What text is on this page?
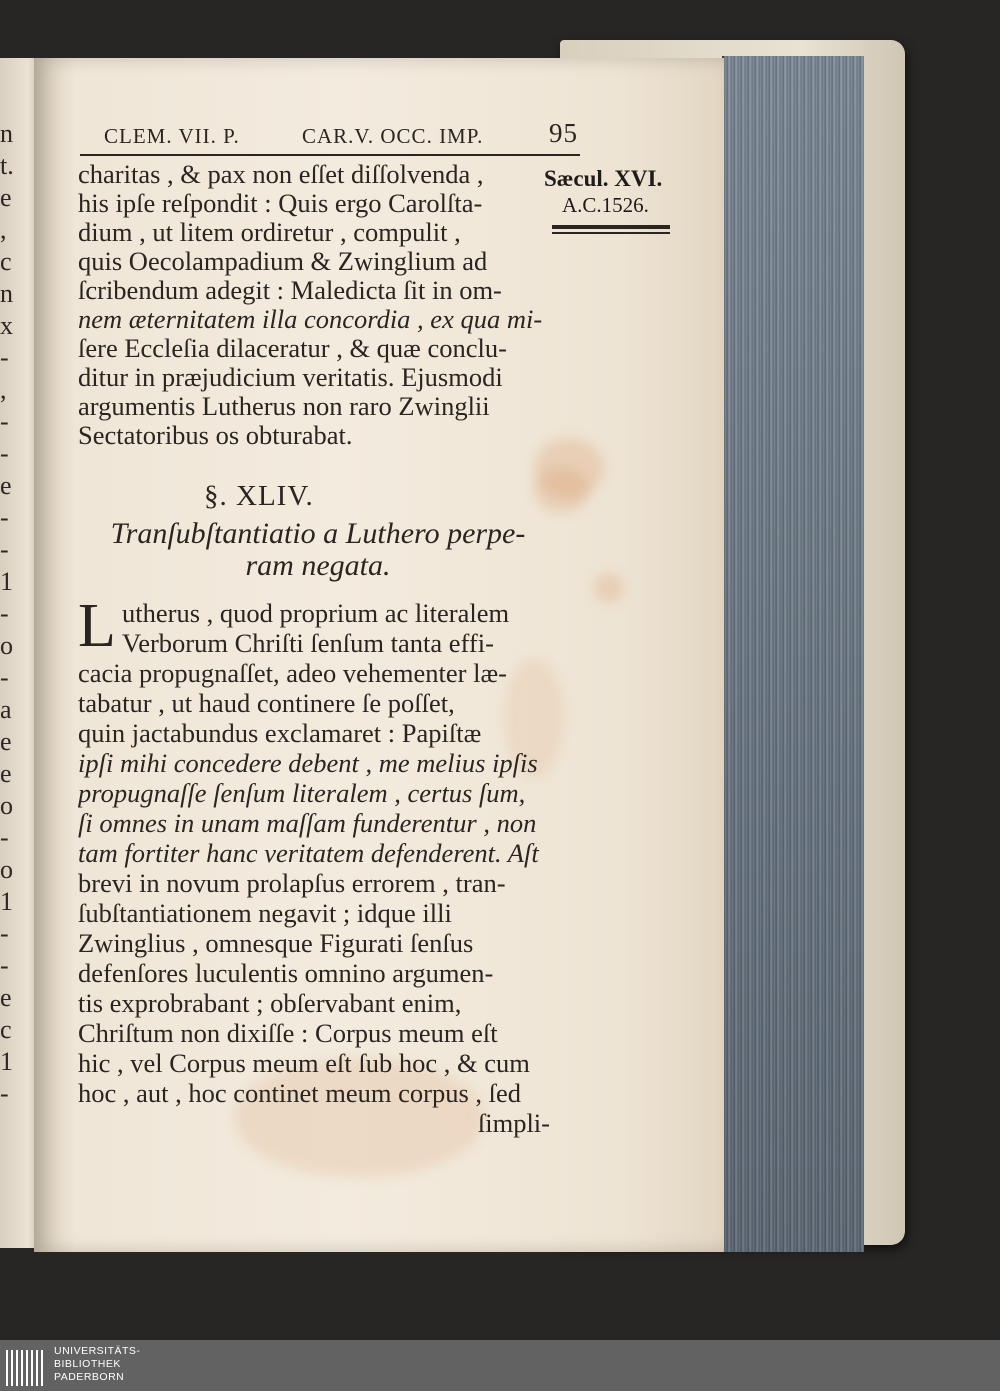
n
t.
e
,
c
n
x
-
,
-
-
e
-
-
1
-
o
-
a
e
e
o
-
o
1
-
-
e
c
1
-
CLEM. VII. P.	CAR.V. OCC. IMP. 95
charitas , & pax non eſſet diſſolvenda ,
his ipſe reſpondit : Quis ergo Carolſta-
dium , ut litem ordiretur , compulit ,
quis Oecolampadium & Zwinglium ad
ſcribendum adegit : Maledicta ſit in om-
nem æternitatem illa concordia , ex qua mi-
ſere Eccleſia dilaceratur , & quæ conclu-
ditur in præjudicium veritatis. Ejusmodi
argumentis Lutherus non raro Zwinglii
Sectatoribus os obturabat.
Sæcul. XVI.
A.C.1526.
§. XLIV.
Tranſubſtantiatio a Luthero perpe-
ram negata.
L utherus , quod proprium ac literalem
Verborum Chriſti ſenſum tanta effi-
cacia propugnaſſet, adeo vehementer læ-
tabatur , ut haud continere ſe poſſet,
quin jactabundus exclamaret : Papiſtæ
ipſi mihi concedere debent , me melius ipſis
propugnaſſe ſenſum literalem , certus ſum,
ſi omnes in unam maſſam funderentur , non
tam fortiter hanc veritatem defenderent. Aſt
brevi in novum prolapſus errorem , tran-
ſubſtantiationem negavit ; idque illi
Zwinglius , omnesque Figurati ſenſus
defenſores luculentis omnino argumen-
tis exprobrabant ; obſervabant enim,
Chriſtum non dixiſſe : Corpus meum eſt
hic , vel Corpus meum eſt ſub hoc , & cum
hoc , aut , hoc continet meum corpus , ſed
ſimpli-
UNIVERSITÄTS-
BIBLIOTHEK
PADERBORN
